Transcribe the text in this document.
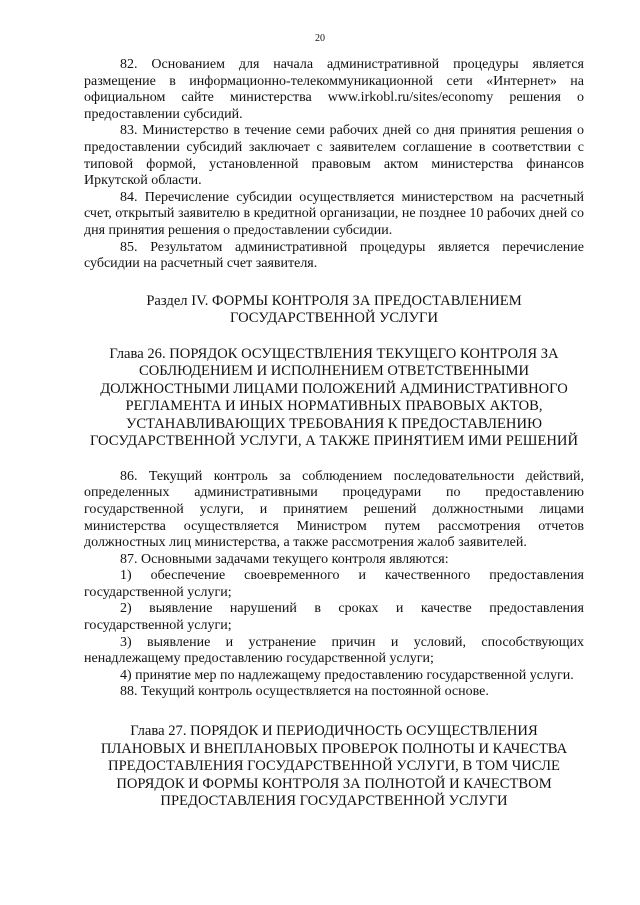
20

82. Основанием для начала административной процедуры является размещение в информационно-телекоммуникационной сети «Интернет» на официальном сайте министерства www.irkobl.ru/sites/economy решения о предоставлении субсидий.

83. Министерство в течение семи рабочих дней со дня принятия решения о предоставлении субсидий заключает с заявителем соглашение в соответствии с типовой формой, установленной правовым актом министерства финансов Иркутской области.

84. Перечисление субсидии осуществляется министерством на расчетный счет, открытый заявителю в кредитной организации, не позднее 10 рабочих дней со дня принятия решения о предоставлении субсидии.

85. Результатом административной процедуры является перечисление субсидии на расчетный счет заявителя.

Раздел IV. ФОРМЫ КОНТРОЛЯ ЗА ПРЕДОСТАВЛЕНИЕМ ГОСУДАРСТВЕННОЙ УСЛУГИ
Глава 26. ПОРЯДОК ОСУЩЕСТВЛЕНИЯ ТЕКУЩЕГО КОНТРОЛЯ ЗА СОБЛЮДЕНИЕМ И ИСПОЛНЕНИЕМ ОТВЕТСТВЕННЫМИ ДОЛЖНОСТНЫМИ ЛИЦАМИ ПОЛОЖЕНИЙ АДМИНИСТРАТИВНОГО РЕГЛАМЕНТА И ИНЫХ НОРМАТИВНЫХ ПРАВОВЫХ АКТОВ, УСТАНАВЛИВАЮЩИХ ТРЕБОВАНИЯ К ПРЕДОСТАВЛЕНИЮ ГОСУДАРСТВЕННОЙ УСЛУГИ, А ТАКЖЕ ПРИНЯТИЕМ ИМИ РЕШЕНИЙ

86. Текущий контроль за соблюдением последовательности действий, определенных административными процедурами по предоставлению государственной услуги, и принятием решений должностными лицами министерства осуществляется Министром путем рассмотрения отчетов должностных лиц министерства, а также рассмотрения жалоб заявителей.

87. Основными задачами текущего контроля являются:

1) обеспечение своевременного и качественного предоставления государственной услуги;

2) выявление нарушений в сроках и качестве предоставления государственной услуги;

3) выявление и устранение причин и условий, способствующих ненадлежащему предоставлению государственной услуги;

4) принятие мер по надлежащему предоставлению государственной услуги.

88. Текущий контроль осуществляется на постоянной основе.

Глава 27. ПОРЯДОК И ПЕРИОДИЧНОСТЬ ОСУЩЕСТВЛЕНИЯ ПЛАНОВЫХ И ВНЕПЛАНОВЫХ ПРОВЕРОК ПОЛНОТЫ И КАЧЕСТВА ПРЕДОСТАВЛЕНИЯ ГОСУДАРСТВЕННОЙ УСЛУГИ, В ТОМ ЧИСЛЕ ПОРЯДОК И ФОРМЫ КОНТРОЛЯ ЗА ПОЛНОТОЙ И КАЧЕСТВОМ ПРЕДОСТАВЛЕНИЯ ГОСУДАРСТВЕННОЙ УСЛУГИ
